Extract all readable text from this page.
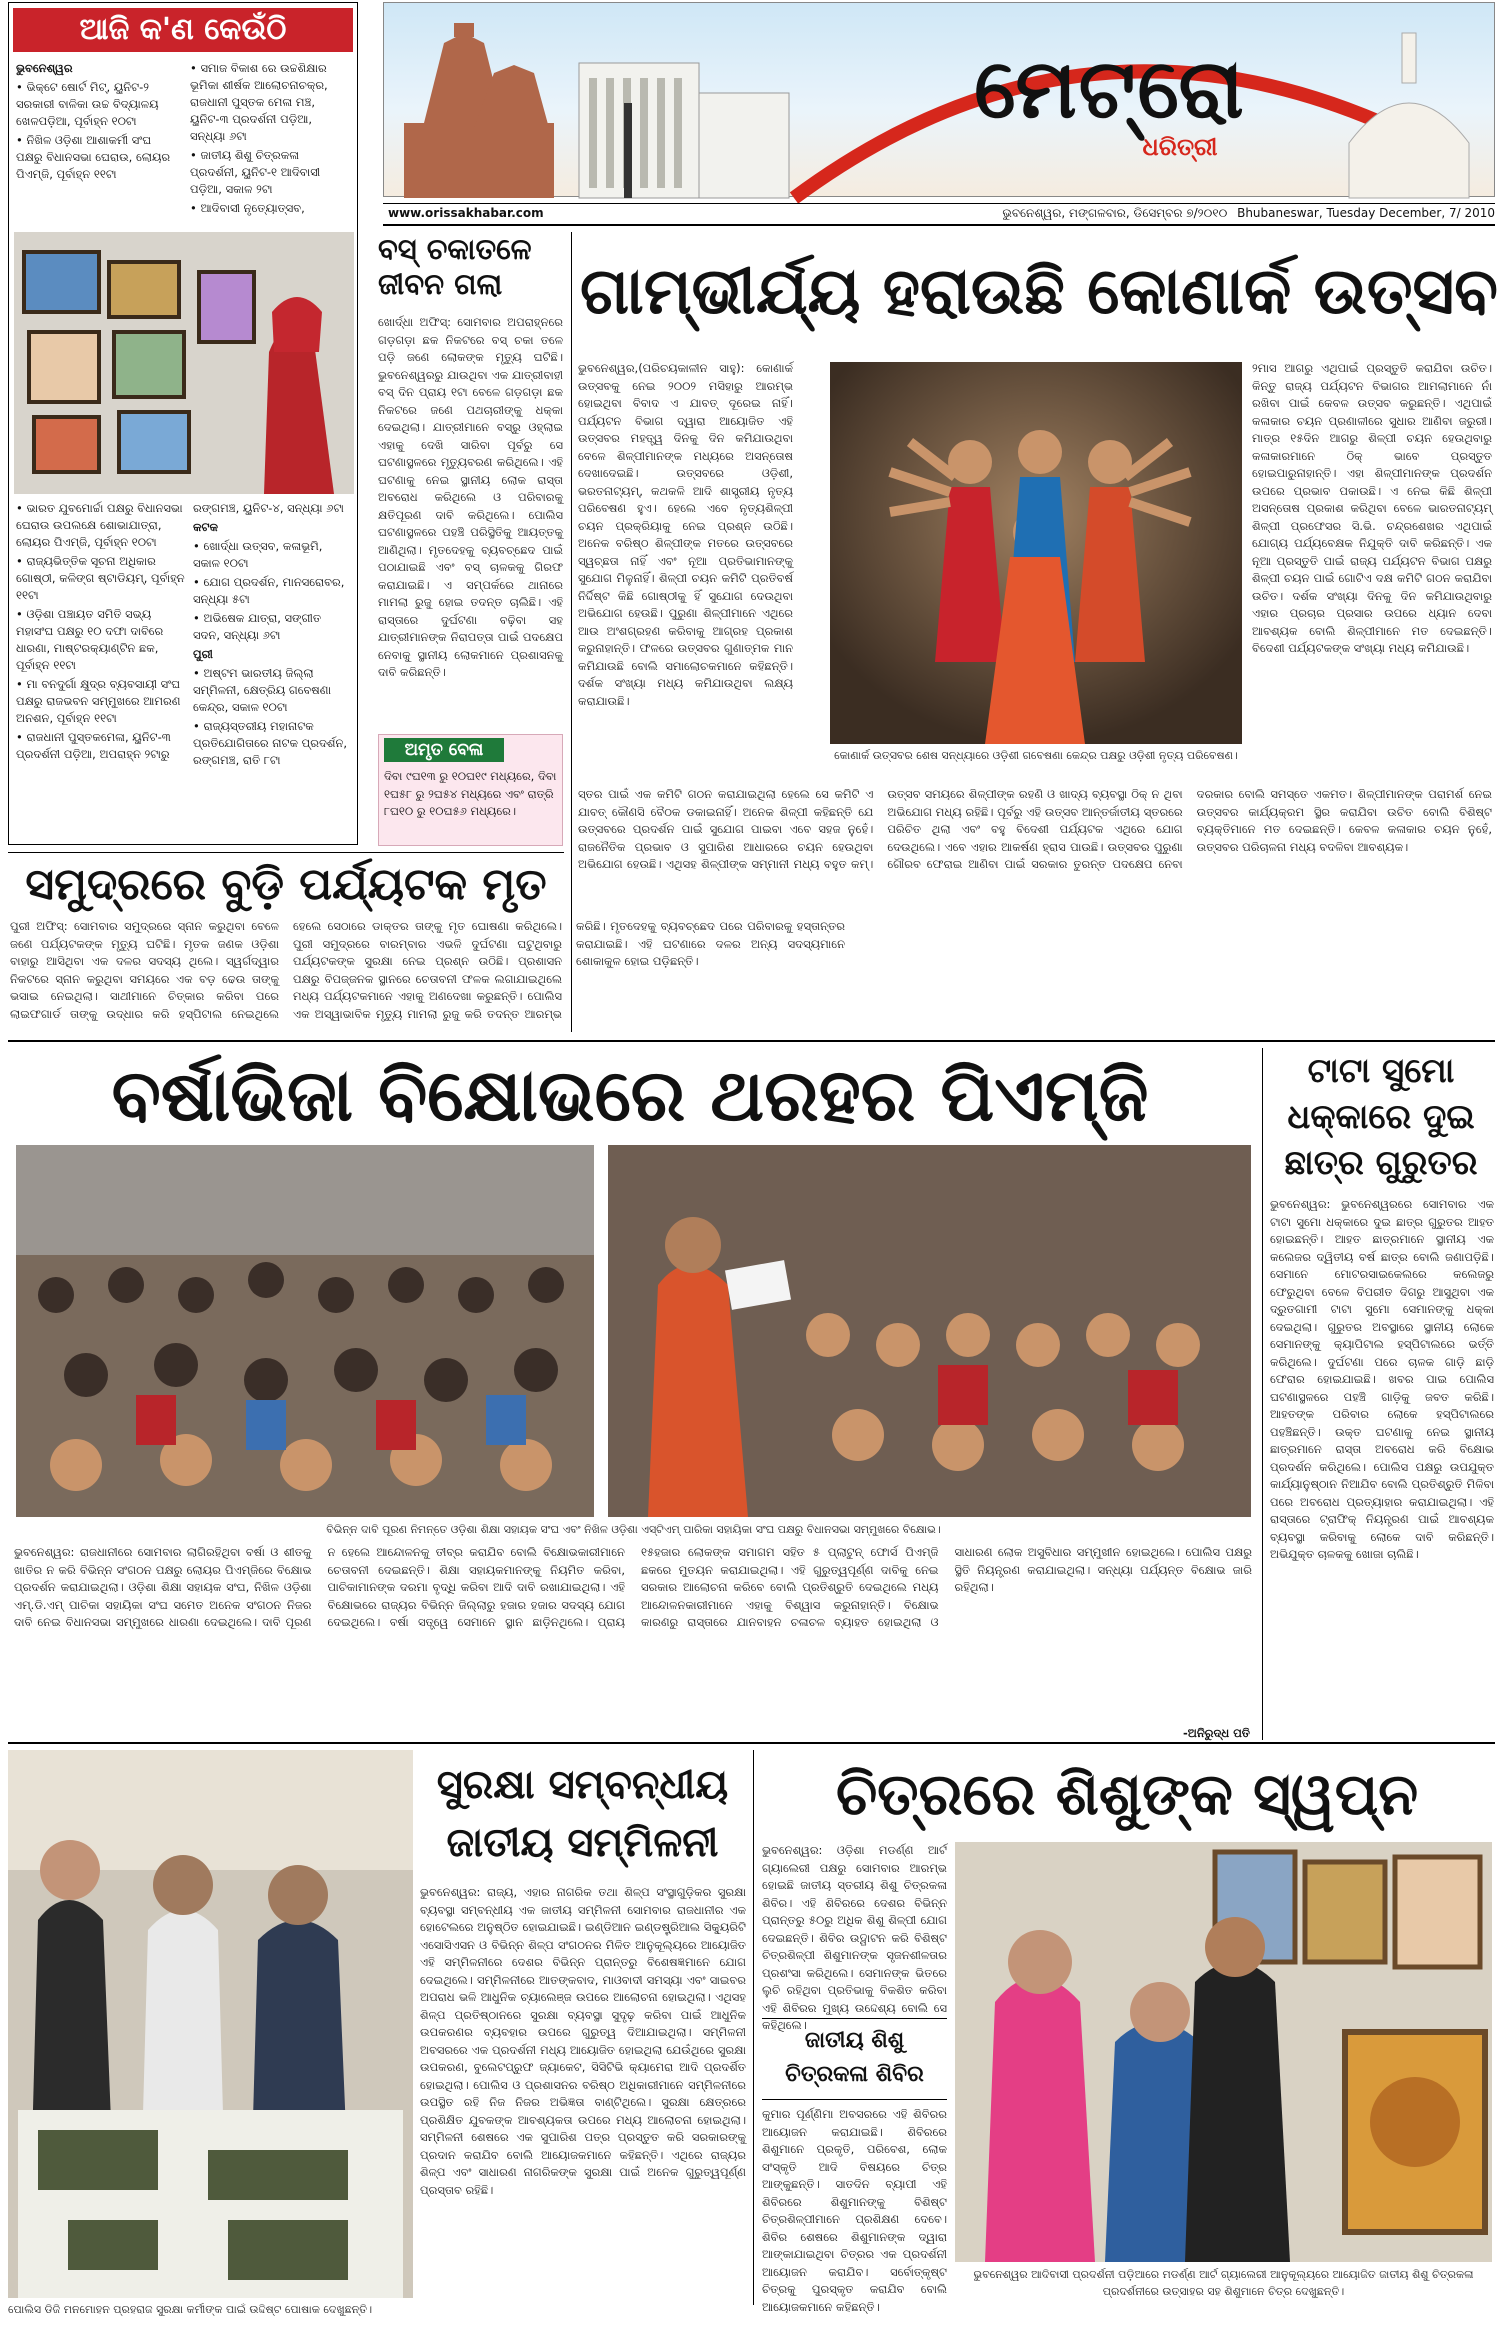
ଆଜି କ'ଣ କେଉଁଠି
ମେଟ୍ରୋ
ଧରିତ୍ରୀ
www.orissakhabar.com	ଭୁବନେଶ୍ୱର, ମଙ୍ଗଳବାର, ଡିସେମ୍ବର ୭/୨୦୧୦ Bhubaneswar, Tuesday December, 7/ 2010
ଭୁବନେଶ୍ୱର
• ଭିକ୍ଟେ ଷୋର୍ଟ ମିଟ୍, ୟୁନିଟ-୨ ସରକାରୀ ବାଳିକା ଉଚ୍ଚ ବିଦ୍ୟାଳୟ ଖେଳପଡ଼ିଆ, ପୂର୍ବାହ୍ନ ୧୦ଟା
• ନିଖିଳ ଓଡ଼ିଶା ଆଶାକର୍ମୀ ସଂଘ ପକ୍ଷରୁ ବିଧାନସଭା ଘେରାଉ, ଲୋୟର ପିଏମ୍ଜି, ପୂର୍ବାହ୍ନ ୧୧ଟା
• ସମାଜ ବିକାଶ ରେ ଉଚ୍ଚଶିକ୍ଷାର ଭୂମିକା ଶୀର୍ଷକ ଆଲୋଚନାଚକ୍ର, ରାଜଧାନୀ ପୁସ୍ତକ ମେଳା ମଞ୍ଚ, ୟୁନିଟ-୩ ପ୍ରଦର୍ଶନୀ ପଡ଼ିଆ, ସନ୍ଧ୍ୟା ୬ଟା
• ଜାତୀୟ ଶିଶୁ ଚିତ୍ରକଳା ପ୍ରଦର୍ଶନୀ, ୟୁନିଟ-୧ ଆଦିବାସୀ ପଡ଼ିଆ, ସକାଳ ୨ଟା
• ଆଦିବାସୀ ନୃତ୍ୟୋତ୍ସବ,
• ଭାରତ ଯୁବମୋର୍ଚ୍ଚା ପକ୍ଷରୁ ବିଧାନସଭା ଘେରାଉ ଉପଲକ୍ଷେ ଶୋଭାଯାତ୍ରା, ଲୋୟର ପିଏମ୍ଜି, ପୂର୍ବାହ୍ନ ୧୦ଟା
• ରାଜ୍ୟଭିତ୍ତିକ ସୂଚନା ଅଧିକାର ଗୋଷ୍ଠୀ, କଳିଙ୍ଗ ଷ୍ଟାଡିୟମ୍, ପୂର୍ବାହ୍ନ ୧୧ଟା
• ଓଡ଼ିଶା ପଞ୍ଚାୟତ ସମିତି ସଭ୍ୟ ମହାସଂଘ ପକ୍ଷରୁ ୧୦ ଦଫା ଦାବିରେ ଧାରଣା, ମାଷ୍ଟରକ୍ୟାଣ୍ଟିନ ଛକ, ପୂର୍ବାହ୍ନ ୧୧ଟା
• ମା ବନଦୁର୍ଗା କ୍ଷୁଦ୍ର ବ୍ୟବସାୟୀ ସଂଘ ପକ୍ଷରୁ ରାଜଭବନ ସମ୍ମୁଖରେ ଆମରଣ ଅନଶନ, ପୂର୍ବାହ୍ନ ୧୧ଟା
• ରାଜଧାନୀ ପୁସ୍ତକମେଳା, ୟୁନିଟ-୩ ପ୍ରଦର୍ଶନୀ ପଡ଼ିଆ, ଅପରାହ୍ନ ୨ଟାରୁ
ରଙ୍ଗମଞ୍ଚ, ୟୁନିଟ-୪, ସନ୍ଧ୍ୟା ୬ଟା
କଟକ
• ଖୋର୍ଦ୍ଧା ଉତ୍ସବ, କଳାଭୂମି, ସକାଳ ୧୦ଟା
• ଯୋଗ ପ୍ରଦର୍ଶନ, ମାନସରୋବର, ସନ୍ଧ୍ୟା ୫ଟା
• ଅଭିଷେକ ଯାତ୍ରା, ସଙ୍ଗୀତ ସଦନ, ସନ୍ଧ୍ୟା ୬ଟା
ପୁରୀ
• ଅଷ୍ଟମ ଭାରତୀୟ ଜିଲ୍ଲା ସମ୍ମିଳନୀ, କ୍ଷେତ୍ରିୟ ଗବେଷଣା କେନ୍ଦ୍ର, ସକାଳ ୧୦ଟା
• ରାଜ୍ୟସ୍ତରୀୟ ମହାନାଟକ ପ୍ରତିଯୋଗିତାରେ ନାଟକ ପ୍ରଦର୍ଶନ, ରଙ୍ଗମଞ୍ଚ, ରାତି ୮ଟା
ବସ୍ ଚକାତଳେ
ଜୀବନ ଗଲା
ଖୋର୍ଦ୍ଧା ଅଫିସ୍: ସୋମବାର ଅପରାହ୍ନରେ ଗଡ଼ଗଡ଼ା ଛକ ନିକଟରେ ବସ୍ ଚକା ତଳେ ପଡ଼ି ଜଣେ ଲୋକଙ୍କ ମୃତ୍ୟୁ ଘଟିଛି। ଭୁବନେଶ୍ୱରରୁ ଯାଉଥିବା ଏକ ଯାତ୍ରୀବାହୀ ବସ୍ ଦିନ ପ୍ରାୟ ୧ଟା ବେଳେ ଗଡ଼ଗଡ଼ା ଛକ ନିକଟରେ ଜଣେ ପଥଚାରୀଙ୍କୁ ଧକ୍କା ଦେଇଥିଲା। ଯାତ୍ରୀମାନେ ବସ୍ରୁ ଓହ୍ଲାଇ ଏହାକୁ ଦେଖି ସାରିବା ପୂର୍ବରୁ ସେ ଘଟଣାସ୍ଥଳରେ ମୃତ୍ୟୁବରଣ କରିଥିଲେ। ଏହି ଘଟଣାକୁ ନେଇ ସ୍ଥାନୀୟ ଲୋକ ରାସ୍ତା ଅବରୋଧ କରିଥିଲେ ଓ ପରିବାରକୁ କ୍ଷତିପୂରଣ ଦାବି କରିଥିଲେ। ପୋଲିସ ଘଟଣାସ୍ଥଳରେ ପହଞ୍ଚି ପରିସ୍ଥିତିକୁ ଆୟତ୍ତକୁ ଆଣିଥିଲା। ମୃତଦେହକୁ ବ୍ୟବଚ୍ଛେଦ ପାଇଁ ପଠାଯାଇଛି ଏବଂ ବସ୍ ଚାଳକକୁ ଗିରଫ କରାଯାଇଛି। ଏ ସମ୍ପର୍କରେ ଥାନାରେ ମାମଲା ରୁଜୁ ହୋଇ ତଦନ୍ତ ଚାଲିଛି। ଏହି ରାସ୍ତାରେ ଦୁର୍ଘଟଣା ବଢ଼ିବା ସହ ଯାତ୍ରୀମାନଙ୍କ ନିରାପତ୍ତା ପାଇଁ ପଦକ୍ଷେପ ନେବାକୁ ସ୍ଥାନୀୟ ଲୋକମାନେ ପ୍ରଶାସନକୁ ଦାବି କରିଛନ୍ତି।
ଅମୃତ ବେଳା
ଦିବା ୯ଘ୧୩ ରୁ ୧୦ଘ୧୯ ମଧ୍ୟରେ, ଦିବା ୧ଘ୫୮ ରୁ ୨ଘ୫୪ ମଧ୍ୟରେ ଏବଂ ରାତ୍ରି ୮ଘ୧୦ ରୁ ୧୦ଘ୫୬ ମଧ୍ୟରେ।
ଗାମ୍ଭୀର୍ଯ୍ୟ ହରାଉଛି କୋଣାର୍କ ଉତ୍ସବ
ଭୁବନେଶ୍ୱର,(ପରିଚୟକାଳୀନ ସାହୁ): କୋଣାର୍କ ଉତ୍ସବକୁ ନେଇ ୨୦୦୨ ମସିହାରୁ ଆରମ୍ଭ ହୋଇଥିବା ବିବାଦ ଏ ଯାବତ୍ ଦୂରେଇ ନାହିଁ। ପର୍ଯ୍ୟଟନ ବିଭାଗ ଦ୍ୱାରା ଆୟୋଜିତ ଏହି ଉତ୍ସବର ମହତ୍ତ୍ୱ ଦିନକୁ ଦିନ କମିଯାଉଥିବା ବେଳେ ଶିଳ୍ପୀମାନଙ୍କ ମଧ୍ୟରେ ଅସନ୍ତୋଷ ଦେଖାଦେଇଛି। ଉତ୍ସବରେ ଓଡ଼ିଶୀ, ଭରତନାଟ୍ୟମ୍, କଥକଳି ଆଦି ଶାସ୍ତ୍ରୀୟ ନୃତ୍ୟ ପରିବେଷଣ ହୁଏ। ହେଲେ ଏବେ ନୃତ୍ୟଶିଳ୍ପୀ ଚୟନ ପ୍ରକ୍ରିୟାକୁ ନେଇ ପ୍ରଶ୍ନ ଉଠିଛି। ଅନେକ ବରିଷ୍ଠ ଶିଳ୍ପୀଙ୍କ ମତରେ ଉତ୍ସବରେ ସ୍ୱଚ୍ଛତା ନାହିଁ ଏବଂ ନୂଆ ପ୍ରତିଭାମାନଙ୍କୁ ସୁଯୋଗ ମିଳୁନାହିଁ। ଶିଳ୍ପୀ ଚୟନ କମିଟି ପ୍ରତିବର୍ଷ ନିର୍ଦ୍ଦିଷ୍ଟ କିଛି ଗୋଷ୍ଠୀକୁ ହିଁ ସୁଯୋଗ ଦେଉଥିବା ଅଭିଯୋଗ ହେଉଛି। ପୁରୁଣା ଶିଳ୍ପୀମାନେ ଏଥିରେ ଆଉ ଅଂଶଗ୍ରହଣ କରିବାକୁ ଆଗ୍ରହ ପ୍ରକାଶ କରୁନାହାନ୍ତି। ଫଳରେ ଉତ୍ସବର ଗୁଣାତ୍ମକ ମାନ କମିଯାଉଛି ବୋଲି ସମାଲୋଚକମାନେ କହିଛନ୍ତି। ଦର୍ଶକ ସଂଖ୍ୟା ମଧ୍ୟ କମିଯାଉଥିବା ଲକ୍ଷ୍ୟ କରାଯାଉଛି।
କୋଣାର୍କ ଉତ୍ସବର ଶେଷ ସନ୍ଧ୍ୟାରେ ଓଡ଼ିଶୀ ଗବେଷଣା କେନ୍ଦ୍ର ପକ୍ଷରୁ ଓଡ଼ିଶୀ ନୃତ୍ୟ ପରିବେଷଣ।
୨ମାସ ଆଗରୁ ଏଥିପାଇଁ ପ୍ରସ୍ତୁତି କରାଯିବା ଉଚିତ। କିନ୍ତୁ ରାଜ୍ୟ ପର୍ଯ୍ୟଟନ ବିଭାଗର ଆମଲାମାନେ ନାଁ ରଖିବା ପାଇଁ କେବଳ ଉତ୍ସବ କରୁଛନ୍ତି। ଏଥିପାଇଁ କଳାକାର ଚୟନ ପ୍ରଣାଳୀରେ ସୁଧାର ଆଣିବା ଜରୁରୀ। ମାତ୍ର ୧୫ଦିନ ଆଗରୁ ଶିଳ୍ପୀ ଚୟନ ହେଉଥିବାରୁ କଳାକାରମାନେ ଠିକ୍ ଭାବେ ପ୍ରସ୍ତୁତ ହୋଇପାରୁନାହାନ୍ତି। ଏହା ଶିଳ୍ପୀମାନଙ୍କ ପ୍ରଦର୍ଶନ ଉପରେ ପ୍ରଭାବ ପକାଉଛି। ଏ ନେଇ କିଛି ଶିଳ୍ପୀ ଅସନ୍ତୋଷ ପ୍ରକାଶ କରିଥିବା ବେଳେ ଭାରତନାଟ୍ୟମ୍ ଶିଳ୍ପୀ ପ୍ରଫେସର ସି.ଭି. ଚନ୍ଦ୍ରଶେଖର ଏଥିପାଇଁ ଯୋଗ୍ୟ ପର୍ଯ୍ୟବେକ୍ଷକ ନିଯୁକ୍ତି ଦାବି କରିଛନ୍ତି। ଏକ ନୂଆ ପ୍ରସ୍ତୁତି ପାଇଁ ରାଜ୍ୟ ପର୍ଯ୍ୟଟନ ବିଭାଗ ପକ୍ଷରୁ ଶିଳ୍ପୀ ଚୟନ ପାଇଁ ଗୋଟିଏ ଦକ୍ଷ କମିଟି ଗଠନ କରାଯିବା ଉଚିତ। ଦର୍ଶକ ସଂଖ୍ୟା ଦିନକୁ ଦିନ କମିଯାଉଥିବାରୁ ଏହାର ପ୍ରଚାର ପ୍ରସାର ଉପରେ ଧ୍ୟାନ ଦେବା ଆବଶ୍ୟକ ବୋଲି ଶିଳ୍ପୀମାନେ ମତ ଦେଇଛନ୍ତି। ବିଦେଶୀ ପର୍ଯ୍ୟଟକଙ୍କ ସଂଖ୍ୟା ମଧ୍ୟ କମିଯାଉଛି।
ସ୍ତର ପାଇଁ ଏକ କମିଟି ଗଠନ କରାଯାଇଥିଲା ହେଲେ ସେ କମିଟି ଏ ଯାବତ୍ କୌଣସି ବୈଠକ ଡକାଇନାହିଁ। ଅନେକ ଶିଳ୍ପୀ କହିଛନ୍ତି ଯେ ଉତ୍ସବରେ ପ୍ରଦର୍ଶନ ପାଇଁ ସୁଯୋଗ ପାଇବା ଏବେ ସହଜ ନୁହେଁ। ରାଜନୈତିକ ପ୍ରଭାବ ଓ ସୁପାରିଶ ଆଧାରରେ ଚୟନ ହେଉଥିବା ଅଭିଯୋଗ ହେଉଛି। ଏଥିସହ ଶିଳ୍ପୀଙ୍କ ସମ୍ମାନୀ ମଧ୍ୟ ବହୁତ କମ୍। ଉତ୍ସବ ସମୟରେ ଶିଳ୍ପୀଙ୍କ ରହଣି ଓ ଖାଦ୍ୟ ବ୍ୟବସ୍ଥା ଠିକ୍ ନ ଥିବା ଅଭିଯୋଗ ମଧ୍ୟ ରହିଛି। ପୂର୍ବରୁ ଏହି ଉତ୍ସବ ଆନ୍ତର୍ଜାତୀୟ ସ୍ତରରେ ପରିଚିତ ଥିଲା ଏବଂ ବହୁ ବିଦେଶୀ ପର୍ଯ୍ୟଟକ ଏଥିରେ ଯୋଗ ଦେଉଥିଲେ। ଏବେ ଏହାର ଆକର୍ଷଣ ହ୍ରାସ ପାଉଛି। ଉତ୍ସବର ପୁରୁଣା ଗୌରବ ଫେରାଇ ଆଣିବା ପାଇଁ ସରକାର ତୁରନ୍ତ ପଦକ୍ଷେପ ନେବା ଦରକାର ବୋଲି ସମସ୍ତେ ଏକମତ। ଶିଳ୍ପୀମାନଙ୍କ ପରାମର୍ଶ ନେଇ ଉତ୍ସବର କାର୍ଯ୍ୟକ୍ରମ ସ୍ଥିର କରାଯିବା ଉଚିତ ବୋଲି ବିଶିଷ୍ଟ ବ୍ୟକ୍ତିମାନେ ମତ ଦେଇଛନ୍ତି। କେବଳ କଳାକାର ଚୟନ ନୁହେଁ, ଉତ୍ସବର ପରିଚାଳନା ମଧ୍ୟ ବଦଳିବା ଆବଶ୍ୟକ।
ସମୁଦ୍ରରେ ବୁଡ଼ି ପର୍ଯ୍ୟଟକ ମୃତ
ପୁରୀ ଅଫିସ୍: ସୋମବାର ସମୁଦ୍ରରେ ସ୍ନାନ କରୁଥିବା ବେଳେ ଜଣେ ପର୍ଯ୍ୟଟକଙ୍କ ମୃତ୍ୟୁ ଘଟିଛି। ମୃତକ ଜଣକ ଓଡ଼ିଶା ବାହାରୁ ଆସିଥିବା ଏକ ଦଳର ସଦସ୍ୟ ଥିଲେ। ସ୍ୱର୍ଗଦ୍ୱାର ନିକଟରେ ସ୍ନାନ କରୁଥିବା ସମୟରେ ଏକ ବଡ଼ ଢେଉ ତାଙ୍କୁ ଭସାଇ ନେଇଥିଲା। ସାଥୀମାନେ ଚିତ୍କାର କରିବା ପରେ ଲାଇଫଗାର୍ଡ ତାଙ୍କୁ ଉଦ୍ଧାର କରି ହସ୍ପିଟାଲ ନେଇଥିଲେ ହେଲେ ସେଠାରେ ଡାକ୍ତର ତାଙ୍କୁ ମୃତ ଘୋଷଣା କରିଥିଲେ। ପୁରୀ ସମୁଦ୍ରରେ ବାରମ୍ବାର ଏଭଳି ଦୁର୍ଘଟଣା ଘଟୁଥିବାରୁ ପର୍ଯ୍ୟଟକଙ୍କ ସୁରକ୍ଷା ନେଇ ପ୍ରଶ୍ନ ଉଠିଛି। ପ୍ରଶାସନ ପକ୍ଷରୁ ବିପଜ୍ଜନକ ସ୍ଥାନରେ ଚେତାବନୀ ଫଳକ ଲଗାଯାଇଥିଲେ ମଧ୍ୟ ପର୍ଯ୍ୟଟକମାନେ ଏହାକୁ ଅଣଦେଖା କରୁଛନ୍ତି। ପୋଲିସ ଏକ ଅସ୍ୱାଭାବିକ ମୃତ୍ୟୁ ମାମଲା ରୁଜୁ କରି ତଦନ୍ତ ଆରମ୍ଭ କରିଛି। ମୃତଦେହକୁ ବ୍ୟବଚ୍ଛେଦ ପରେ ପରିବାରକୁ ହସ୍ତାନ୍ତର କରାଯାଇଛି। ଏହି ଘଟଣାରେ ଦଳର ଅନ୍ୟ ସଦସ୍ୟମାନେ ଶୋକାକୁଳ ହୋଇ ପଡ଼ିଛନ୍ତି।
ବର୍ଷାଭିଜା ବିକ୍ଷୋଭରେ ଥରହର ପିଏମ୍ଜି
ବିଭିନ୍ନ ଦାବି ପୂରଣ ନିମନ୍ତେ ଓଡ଼ିଶା ଶିକ୍ଷା ସହାୟକ ସଂଘ ଏବଂ ନିଖିଳ ଓଡ଼ିଶା ଏସ୍ଟିଏମ୍ ପାରିକା ସହାୟିକା ସଂଘ ପକ୍ଷରୁ ବିଧାନସଭା ସମ୍ମୁଖରେ ବିକ୍ଷୋଭ।
ଭୁବନେଶ୍ୱର: ରାଜଧାନୀରେ ସୋମବାର ଲାଗିରହିଥିବା ବର୍ଷା ଓ ଶୀତକୁ ଖାତିର ନ କରି ବିଭିନ୍ନ ସଂଗଠନ ପକ୍ଷରୁ ଲୋୟର ପିଏମ୍ଜିରେ ବିକ୍ଷୋଭ ପ୍ରଦର୍ଶନ କରାଯାଇଥିଲା। ଓଡ଼ିଶା ଶିକ୍ଷା ସହାୟକ ସଂଘ, ନିଖିଳ ଓଡ଼ିଶା ଏମ୍.ଡି.ଏମ୍ ପାଚିକା ସହାୟିକା ସଂଘ ସମେତ ଅନେକ ସଂଗଠନ ନିଜର ଦାବି ନେଇ ବିଧାନସଭା ସମ୍ମୁଖରେ ଧାରଣା ଦେଇଥିଲେ। ଦାବି ପୂରଣ ନ ହେଲେ ଆନ୍ଦୋଳନକୁ ତୀବ୍ର କରାଯିବ ବୋଲି ବିକ୍ଷୋଭକାରୀମାନେ ଚେତାବନୀ ଦେଇଛନ୍ତି। ଶିକ୍ଷା ସହାୟକମାନଙ୍କୁ ନିୟମିତ କରିବା, ପାଚିକାମାନଙ୍କ ଦରମା ବୃଦ୍ଧି କରିବା ଆଦି ଦାବି ରଖାଯାଇଥିଲା। ଏହି ବିକ୍ଷୋଭରେ ରାଜ୍ୟର ବିଭିନ୍ନ ଜିଲ୍ଲାରୁ ହଜାର ହଜାର ସଦସ୍ୟ ଯୋଗ ଦେଇଥିଲେ। ବର୍ଷା ସତ୍ତ୍ୱେ ସେମାନେ ସ୍ଥାନ ଛାଡ଼ିନଥିଲେ। ପ୍ରାୟ ୧୫ହଜାର ଲୋକଙ୍କ ସମାଗମ ସହିତ ୫ ପ୍ଲାଟୁନ୍ ଫୋର୍ସ ପିଏମ୍ଜି ଛକରେ ମୁତୟନ କରାଯାଇଥିଲା। ଏହି ଗୁରୁତ୍ୱପୂର୍ଣ୍ଣ ଦାବିକୁ ନେଇ ସରକାର ଆଲୋଚନା କରିବେ ବୋଲି ପ୍ରତିଶ୍ରୁତି ଦେଇଥିଲେ ମଧ୍ୟ ଆନ୍ଦୋଳନକାରୀମାନେ ଏହାକୁ ବିଶ୍ୱାସ କରୁନାହାନ୍ତି। ବିକ୍ଷୋଭ କାରଣରୁ ରାସ୍ତାରେ ଯାନବାହନ ଚଳାଚଳ ବ୍ୟାହତ ହୋଇଥିଲା ଓ ସାଧାରଣ ଲୋକ ଅସୁବିଧାର ସମ୍ମୁଖୀନ ହୋଇଥିଲେ। ପୋଲିସ ପକ୍ଷରୁ ସ୍ଥିତି ନିୟନ୍ତ୍ରଣ କରାଯାଇଥିଲା। ସନ୍ଧ୍ୟା ପର୍ଯ୍ୟନ୍ତ ବିକ୍ଷୋଭ ଜାରି ରହିଥିଲା।
-ଅନିରୁଦ୍ଧ ପତି
ଟାଟା ସୁମୋ
ଧକ୍କାରେ ଦୁଇ
ଛାତ୍ର ଗୁରୁତର
ଭୁବନେଶ୍ୱର: ଭୁବନେଶ୍ୱରରେ ସୋମବାର ଏକ ଟାଟା ସୁମୋ ଧକ୍କାରେ ଦୁଇ ଛାତ୍ର ଗୁରୁତର ଆହତ ହୋଇଛନ୍ତି। ଆହତ ଛାତ୍ରମାନେ ସ୍ଥାନୀୟ ଏକ କଲେଜର ଦ୍ୱିତୀୟ ବର୍ଷ ଛାତ୍ର ବୋଲି ଜଣାପଡ଼ିଛି। ସେମାନେ ମୋଟରସାଇକେଲରେ କଲେଜରୁ ଫେରୁଥିବା ବେଳେ ବିପରୀତ ଦିଗରୁ ଆସୁଥିବା ଏକ ଦ୍ରୁତଗାମୀ ଟାଟା ସୁମୋ ସେମାନଙ୍କୁ ଧକ୍କା ଦେଇଥିଲା। ଗୁରୁତର ଅବସ୍ଥାରେ ସ୍ଥାନୀୟ ଲୋକେ ସେମାନଙ୍କୁ କ୍ୟାପିଟାଲ ହସ୍ପିଟାଲରେ ଭର୍ତ୍ତି କରିଥିଲେ। ଦୁର୍ଘଟଣା ପରେ ଚାଳକ ଗାଡ଼ି ଛାଡ଼ି ଫେରାର ହୋଇଯାଇଛି। ଖବର ପାଇ ପୋଲିସ ଘଟଣାସ୍ଥଳରେ ପହଞ୍ଚି ଗାଡ଼ିକୁ ଜବତ କରିଛି। ଆହତଙ୍କ ପରିବାର ଲୋକେ ହସ୍ପିଟାଲରେ ପହଞ୍ଚିଛନ୍ତି। ଉକ୍ତ ଘଟଣାକୁ ନେଇ ସ୍ଥାନୀୟ ଛାତ୍ରମାନେ ରାସ୍ତା ଅବରୋଧ କରି ବିକ୍ଷୋଭ ପ୍ରଦର୍ଶନ କରିଥିଲେ। ପୋଲିସ ପକ୍ଷରୁ ଉପଯୁକ୍ତ କାର୍ଯ୍ୟାନୁଷ୍ଠାନ ନିଆଯିବ ବୋଲି ପ୍ରତିଶ୍ରୁତି ମିଳିବା ପରେ ଅବରୋଧ ପ୍ରତ୍ୟାହାର କରାଯାଇଥିଲା। ଏହି ରାସ୍ତାରେ ଟ୍ରାଫିକ୍ ନିୟନ୍ତ୍ରଣ ପାଇଁ ଆବଶ୍ୟକ ବ୍ୟବସ୍ଥା କରିବାକୁ ଲୋକେ ଦାବି କରିଛନ୍ତି। ଅଭିଯୁକ୍ତ ଚାଳକକୁ ଖୋଜା ଚାଲିଛି।
ପୋଲିସ ଡିଜି ମନମୋହନ ପ୍ରହରାଜ ସୁରକ୍ଷା କର୍ମୀଙ୍କ ପାଇଁ ଉଦ୍ଦିଷ୍ଟ ପୋଷାକ ଦେଖୁଛନ୍ତି।
ସୁରକ୍ଷା ସମ୍ବନ୍ଧୀୟ
ଜାତୀୟ ସମ୍ମିଳନୀ
ଭୁବନେଶ୍ୱର: ରାଜ୍ୟ, ଏହାର ନାଗରିକ ତଥା ଶିଳ୍ପ ସଂସ୍ଥାଗୁଡ଼ିକର ସୁରକ୍ଷା ବ୍ୟବସ୍ଥା ସମ୍ବନ୍ଧୀୟ ଏକ ଜାତୀୟ ସମ୍ମିଳନୀ ସୋମବାର ରାଜଧାନୀର ଏକ ହୋଟେଲରେ ଅନୁଷ୍ଠିତ ହୋଇଯାଇଛି। ଇଣ୍ଡିଆନ ଇଣ୍ଡଷ୍ଟ୍ରିଆଲ ସିକ୍ୟୁରିଟି ଏସୋସିଏସନ ଓ ବିଭିନ୍ନ ଶିଳ୍ପ ସଂଗଠନର ମିଳିତ ଆନୁକୂଲ୍ୟରେ ଆୟୋଜିତ ଏହି ସମ୍ମିଳନୀରେ ଦେଶର ବିଭିନ୍ନ ପ୍ରାନ୍ତରୁ ବିଶେଷଜ୍ଞମାନେ ଯୋଗ ଦେଇଥିଲେ। ସମ୍ମିଳନୀରେ ଆତଙ୍କବାଦ, ମାଓବାଦୀ ସମସ୍ୟା ଏବଂ ସାଇବର ଅପରାଧ ଭଳି ଆଧୁନିକ ଚ୍ୟାଲେଞ୍ଜ ଉପରେ ଆଲୋଚନା ହୋଇଥିଲା। ଏଥିସହ ଶିଳ୍ପ ପ୍ରତିଷ୍ଠାନରେ ସୁରକ୍ଷା ବ୍ୟବସ୍ଥା ସୁଦୃଢ଼ କରିବା ପାଇଁ ଆଧୁନିକ ଉପକରଣର ବ୍ୟବହାର ଉପରେ ଗୁରୁତ୍ୱ ଦିଆଯାଇଥିଲା। ସମ୍ମିଳନୀ ଅବସରରେ ଏକ ପ୍ରଦର୍ଶନୀ ମଧ୍ୟ ଆୟୋଜିତ ହୋଇଥିଲା ଯେଉଁଥିରେ ସୁରକ୍ଷା ଉପକରଣ, ବୁଲେଟପ୍ରୁଫ ଜ୍ୟାକେଟ, ସିସିଟିଭି କ୍ୟାମେରା ଆଦି ପ୍ରଦର୍ଶିତ ହୋଇଥିଲା। ପୋଲିସ ଓ ପ୍ରଶାସନର ବରିଷ୍ଠ ଅଧିକାରୀମାନେ ସମ୍ମିଳନୀରେ ଉପସ୍ଥିତ ରହି ନିଜ ନିଜର ଅଭିଜ୍ଞତା ବାଣ୍ଟିଥିଲେ। ସୁରକ୍ଷା କ୍ଷେତ୍ରରେ ପ୍ରଶିକ୍ଷିତ ଯୁବକଙ୍କ ଆବଶ୍ୟକତା ଉପରେ ମଧ୍ୟ ଆଲୋଚନା ହୋଇଥିଲା। ସମ୍ମିଳନୀ ଶେଷରେ ଏକ ସୁପାରିଶ ପତ୍ର ପ୍ରସ୍ତୁତ କରି ସରକାରଙ୍କୁ ପ୍ରଦାନ କରାଯିବ ବୋଲି ଆୟୋଜକମାନେ କହିଛନ୍ତି। ଏଥିରେ ରାଜ୍ୟର ଶିଳ୍ପ ଏବଂ ସାଧାରଣ ନାଗରିକଙ୍କ ସୁରକ୍ଷା ପାଇଁ ଅନେକ ଗୁରୁତ୍ୱପୂର୍ଣ୍ଣ ପ୍ରସ୍ତାବ ରହିଛି।
ଚିତ୍ରରେ ଶିଶୁଙ୍କ ସ୍ୱପ୍ନ
ଭୁବନେଶ୍ୱର: ଓଡ଼ିଶା ମଡର୍ଣ୍ଣ ଆର୍ଟ ଗ୍ୟାଲେରୀ ପକ୍ଷରୁ ସୋମବାର ଆରମ୍ଭ ହୋଇଛି ଜାତୀୟ ସ୍ତରୀୟ ଶିଶୁ ଚିତ୍ରକଳା ଶିବିର। ଏହି ଶିବିରରେ ଦେଶର ବିଭିନ୍ନ ପ୍ରାନ୍ତରୁ ୫୦ରୁ ଅଧିକ ଶିଶୁ ଶିଳ୍ପୀ ଯୋଗ ଦେଇଛନ୍ତି। ଶିବିର ଉଦ୍ଘାଟନ କରି ବିଶିଷ୍ଟ ଚିତ୍ରଶିଳ୍ପୀ ଶିଶୁମାନଙ୍କ ସୃଜନଶୀଳତାର ପ୍ରଶଂସା କରିଥିଲେ। ସେମାନଙ୍କ ଭିତରେ ଲୁଚି ରହିଥିବା ପ୍ରତିଭାକୁ ବିକଶିତ କରିବା ଏହି ଶିବିରର ମୁଖ୍ୟ ଉଦ୍ଦେଶ୍ୟ ବୋଲି ସେ କହିଥିଲେ।
ଜାତୀୟ ଶିଶୁ
ଚିତ୍ରକଳା ଶିବିର
କୁମାର ପୂର୍ଣ୍ଣିମା ଅବସରରେ ଏହି ଶିବିରର ଆୟୋଜନ କରାଯାଇଛି। ଶିବିରରେ ଶିଶୁମାନେ ପ୍ରକୃତି, ପରିବେଶ, ଲୋକ ସଂସ୍କୃତି ଆଦି ବିଷୟରେ ଚିତ୍ର ଆଙ୍କୁଛନ୍ତି। ସାତଦିନ ବ୍ୟାପୀ ଏହି ଶିବିରରେ ଶିଶୁମାନଙ୍କୁ ବିଶିଷ୍ଟ ଚିତ୍ରଶିଳ୍ପୀମାନେ ପ୍ରଶିକ୍ଷଣ ଦେବେ। ଶିବିର ଶେଷରେ ଶିଶୁମାନଙ୍କ ଦ୍ୱାରା ଆଙ୍କାଯାଇଥିବା ଚିତ୍ରର ଏକ ପ୍ରଦର୍ଶନୀ ଆୟୋଜନ କରାଯିବ। ସର୍ବୋତ୍କୃଷ୍ଟ ଚିତ୍ରକୁ ପୁରସ୍କୃତ କରାଯିବ ବୋଲି ଆୟୋଜକମାନେ କହିଛନ୍ତି।
ଭୁବନେଶ୍ୱର ଆଦିବାସୀ ପ୍ରଦର୍ଶନୀ ପଡ଼ିଆରେ ମଡର୍ଣ୍ଣ ଆର୍ଟ ଗ୍ୟାଲେରୀ ଆନୁକୂଲ୍ୟରେ ଆୟୋଜିତ ଜାତୀୟ ଶିଶୁ ଚିତ୍ରକଳା ପ୍ରଦର୍ଶନୀରେ ଉତ୍ସାହର ସହ ଶିଶୁମାନେ ଚିତ୍ର ଦେଖୁଛନ୍ତି।
